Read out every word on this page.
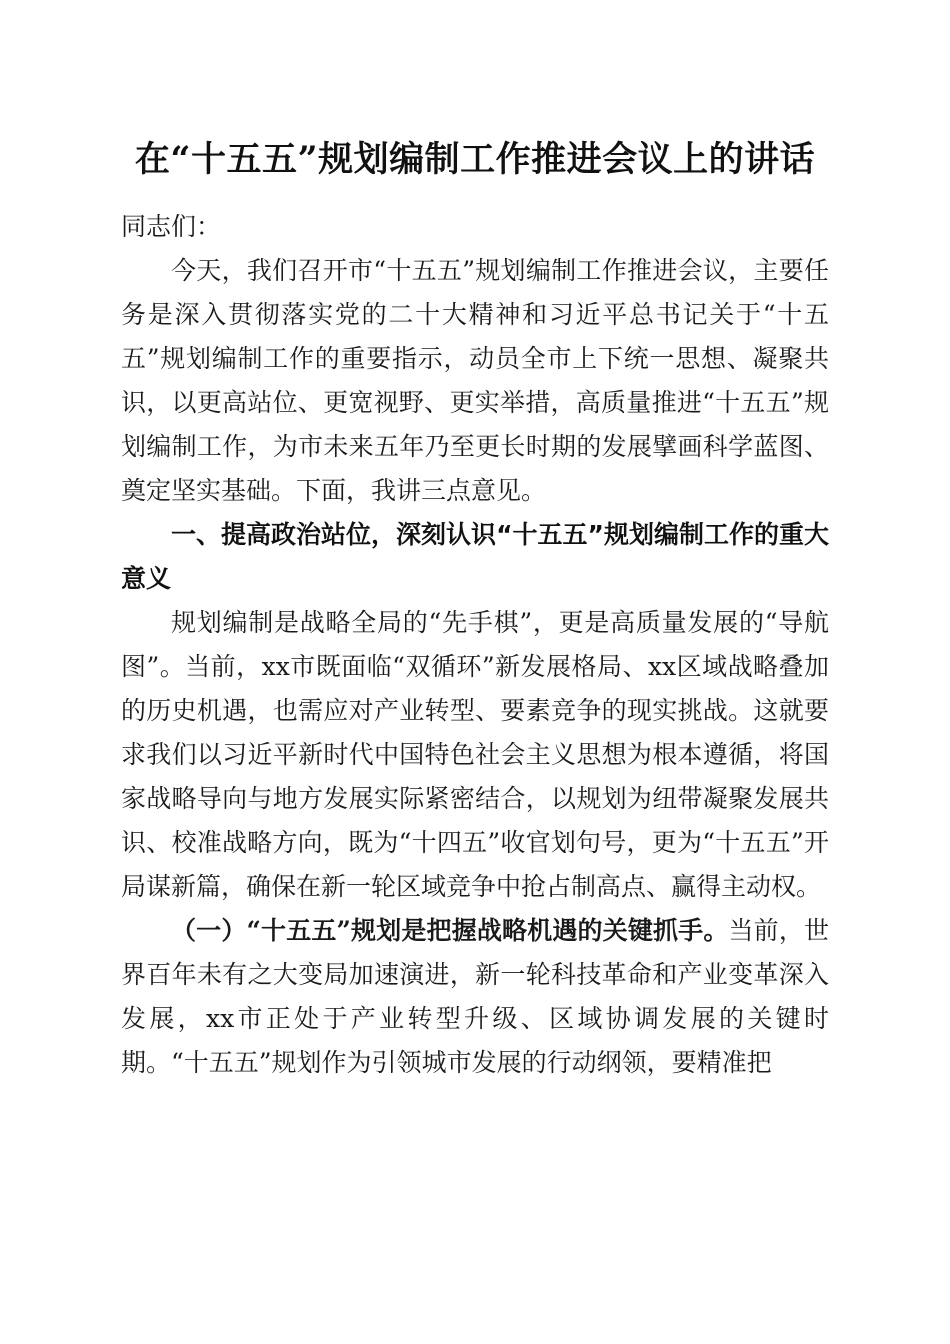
在“十五五”规划编制工作推进会议上的讲话

同志们：

今天，我们召开市“十五五”规划编制工作推进会议，主要任务是深入贯彻落实党的二十大精神和习近平总书记关于“十五五”规划编制工作的重要指示，动员全市上下统一思想、凝聚共识，以更高站位、更宽视野、更实举措，高质量推进“十五五”规划编制工作，为市未来五年乃至更长时期的发展擘画科学蓝图、奠定坚实基础。下面，我讲三点意见。

一、提高政治站位，深刻认识“十五五”规划编制工作的重大意义

规划编制是战略全局的“先手棋”，更是高质量发展的“导航图”。当前，xx市既面临“双循环”新发展格局、xx区域战略叠加的历史机遇，也需应对产业转型、要素竞争的现实挑战。这就要求我们以习近平新时代中国特色社会主义思想为根本遵循，将国家战略导向与地方发展实际紧密结合，以规划为纽带凝聚发展共识、校准战略方向，既为“十四五”收官划句号，更为“十五五”开局谋新篇，确保在新一轮区域竞争中抢占制高点、赢得主动权。

（一）“十五五”规划是把握战略机遇的关键抓手。当前，世界百年未有之大变局加速演进，新一轮科技革命和产业变革深入发展，xx市正处于产业转型升级、区域协调发展的关键时期。“十五五”规划作为引领城市发展的行动纲领，要精准把
